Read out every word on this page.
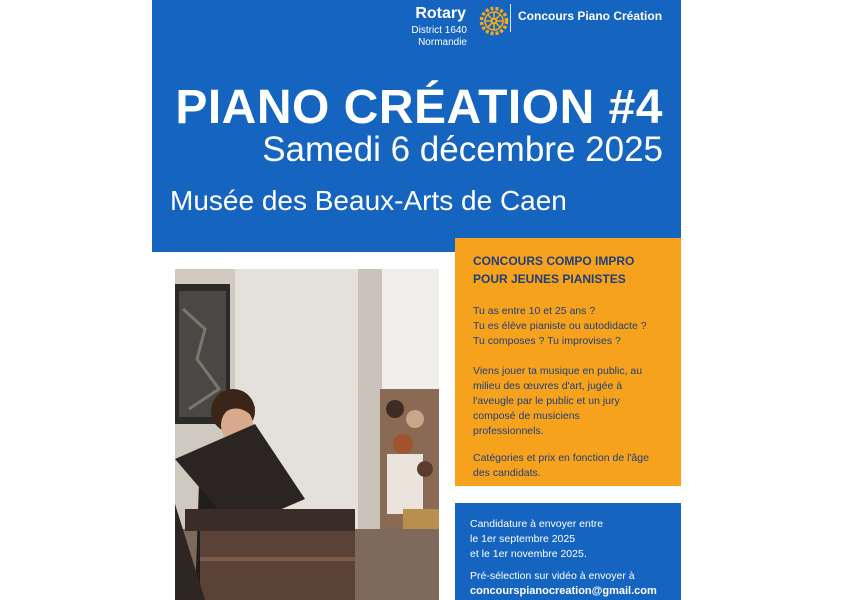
Rotary
District 1640
Normandie
Concours Piano Création
PIANO CRÉATION #4
Samedi 6 décembre 2025
Musée des Beaux-Arts de Caen
CONCOURS COMPO IMPRO
POUR JEUNES PIANISTES
Tu as entre 10 et 25 ans ?
Tu es élève pianiste ou autodidacte ?
Tu composes ? Tu improvises ?
Viens jouer ta musique en public, au
milieu des œuvres d'art, jugée à
l'aveugle par le public et un jury
composé de musiciens
professionnels.
Catégories et prix en fonction de l'âge
des candidats.
Candidature à envoyer entre
le 1er septembre 2025
et le 1er novembre 2025.
Pré-sélection sur vidéo à envoyer à
concourspianocreation@gmail.com
